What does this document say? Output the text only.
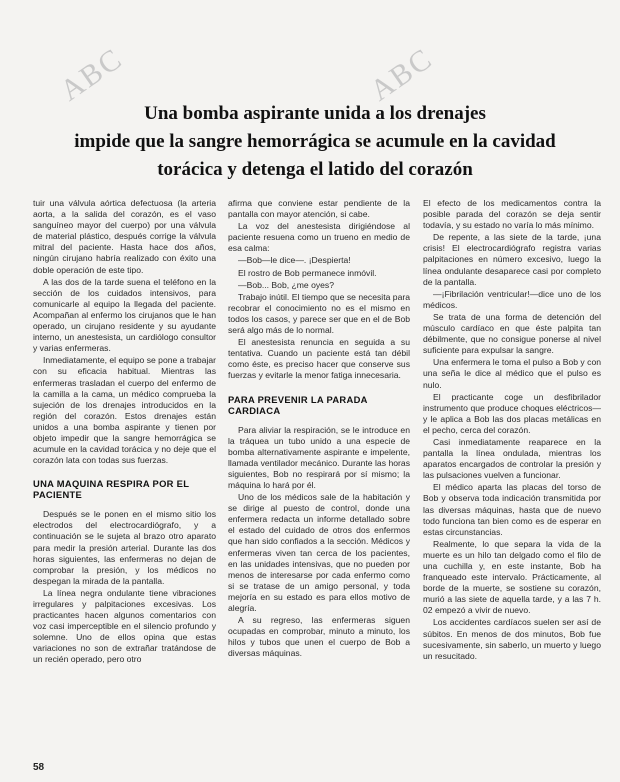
ABC	ABC
Una bomba aspirante unida a los drenajes
impide que la sangre hemorrágica se acumule en la cavidad
torácica y detenga el latido del corazón

tuir una válvula aórtica defectuosa (la arteria aorta, a la salida del corazón, es el vaso sanguíneo mayor del cuerpo) por una válvula de material plástico, después corrige la válvula mitral del paciente. Hasta hace dos años, ningún cirujano habría realizado con éxito una doble operación de este tipo.

A las dos de la tarde suena el teléfono en la sección de los cuidados intensivos, para comunicarle al equipo la llegada del paciente. Acompañan al enfermo los cirujanos que le han operado, un cirujano residente y su ayudante interno, un anestesista, un cardiólogo consultor y varias enfermeras.

Inmediatamente, el equipo se pone a trabajar con su eficacia habitual. Mientras las enfermeras trasladan el cuerpo del enfermo de la camilla a la cama, un médico comprueba la sujeción de los drenajes introducidos en la región del corazón. Estos drenajes están unidos a una bomba aspirante y tienen por objeto impedir que la sangre hemorrágica se acumule en la cavidad torácica y no deje que el corazón lata con todas sus fuerzas.

UNA MAQUINA RESPIRA POR EL PACIENTE

Después se le ponen en el mismo sitio los electrodos del electrocardiógrafo, y a continuación se le sujeta al brazo otro aparato para medir la presión arterial. Durante las dos horas siguientes, las enfermeras no dejan de comprobar la presión, y los médicos no despegan la mirada de la pantalla.

La línea negra ondulante tiene vibraciones irregulares y palpitaciones excesivas. Los practicantes hacen algunos comentarios con voz casi imperceptible en el silencio profundo y solemne. Uno de ellos opina que estas variaciones no son de extrañar tratándose de un recién operado, pero otro

afirma que conviene estar pendiente de la pantalla con mayor atención, si cabe.

La voz del anestesista dirigiéndose al paciente resuena como un trueno en medio de esa calma:

—Bob—le dice—. ¡Despierta!

El rostro de Bob permanece inmóvil.

—Bob... Bob, ¿me oyes?

Trabajo inútil. El tiempo que se necesita para recobrar el conocimiento no es el mismo en todos los casos, y parece ser que en el de Bob será algo más de lo normal.

El anestesista renuncia en seguida a su tentativa. Cuando un paciente está tan débil como éste, es preciso hacer que conserve sus fuerzas y evitarle la menor fatiga innecesaria.

PARA PREVENIR LA PARADA CARDIACA

Para aliviar la respiración, se le introduce en la tráquea un tubo unido a una especie de bomba alternativamente aspirante e impelente, llamada ventilador mecánico. Durante las horas siguientes, Bob no respirará por sí mismo; la máquina lo hará por él.

Uno de los médicos sale de la habitación y se dirige al puesto de control, donde una enfermera redacta un informe detallado sobre el estado del cuidado de otros dos enfermos que han sido confiados a la sección. Médicos y enfermeras viven tan cerca de los pacientes, en las unidades intensivas, que no pueden por menos de interesarse por cada enfermo como si se tratase de un amigo personal, y toda mejoría en su estado es para ellos motivo de alegría.

A su regreso, las enfermeras siguen ocupadas en comprobar, minuto a minuto, los hilos y tubos que unen el cuerpo de Bob a diversas máquinas.

El efecto de los medicamentos contra la posible parada del corazón se deja sentir todavía, y su estado no varía lo más mínimo.

De repente, a las siete de la tarde, ¡una crisis! El electrocardiógrafo registra varias palpitaciones en número excesivo, luego la línea ondulante desaparece casi por completo de la pantalla.

—¡Fibrilación ventricular!—dice uno de los médicos.

Se trata de una forma de detención del músculo cardíaco en que éste palpita tan débilmente, que no consigue ponerse al nivel suficiente para expulsar la sangre.

Una enfermera le toma el pulso a Bob y con una seña le dice al médico que el pulso es nulo.

El practicante coge un desfibrilador instrumento que produce choques eléctricos— y le aplica a Bob las dos placas metálicas en el pecho, cerca del corazón.

Casi inmediatamente reaparece en la pantalla la línea ondulada, mientras los aparatos encargados de controlar la presión y las pulsaciones vuelven a funcionar.

El médico aparta las placas del torso de Bob y observa toda indicación transmitida por las diversas máquinas, hasta que de nuevo todo funciona tan bien como es de esperar en estas circunstancias.

Realmente, lo que separa la vida de la muerte es un hilo tan delgado como el filo de una cuchilla y, en este instante, Bob ha franqueado este intervalo. Prácticamente, al borde de la muerte, se sostiene su corazón, murió a las siete de aquella tarde, y a las 7 h. 02 empezó a vivir de nuevo.

Los accidentes cardíacos suelen ser así de súbitos. En menos de dos minutos, Bob fue sucesivamente, sin saberlo, un muerto y luego un resucitado.

58
